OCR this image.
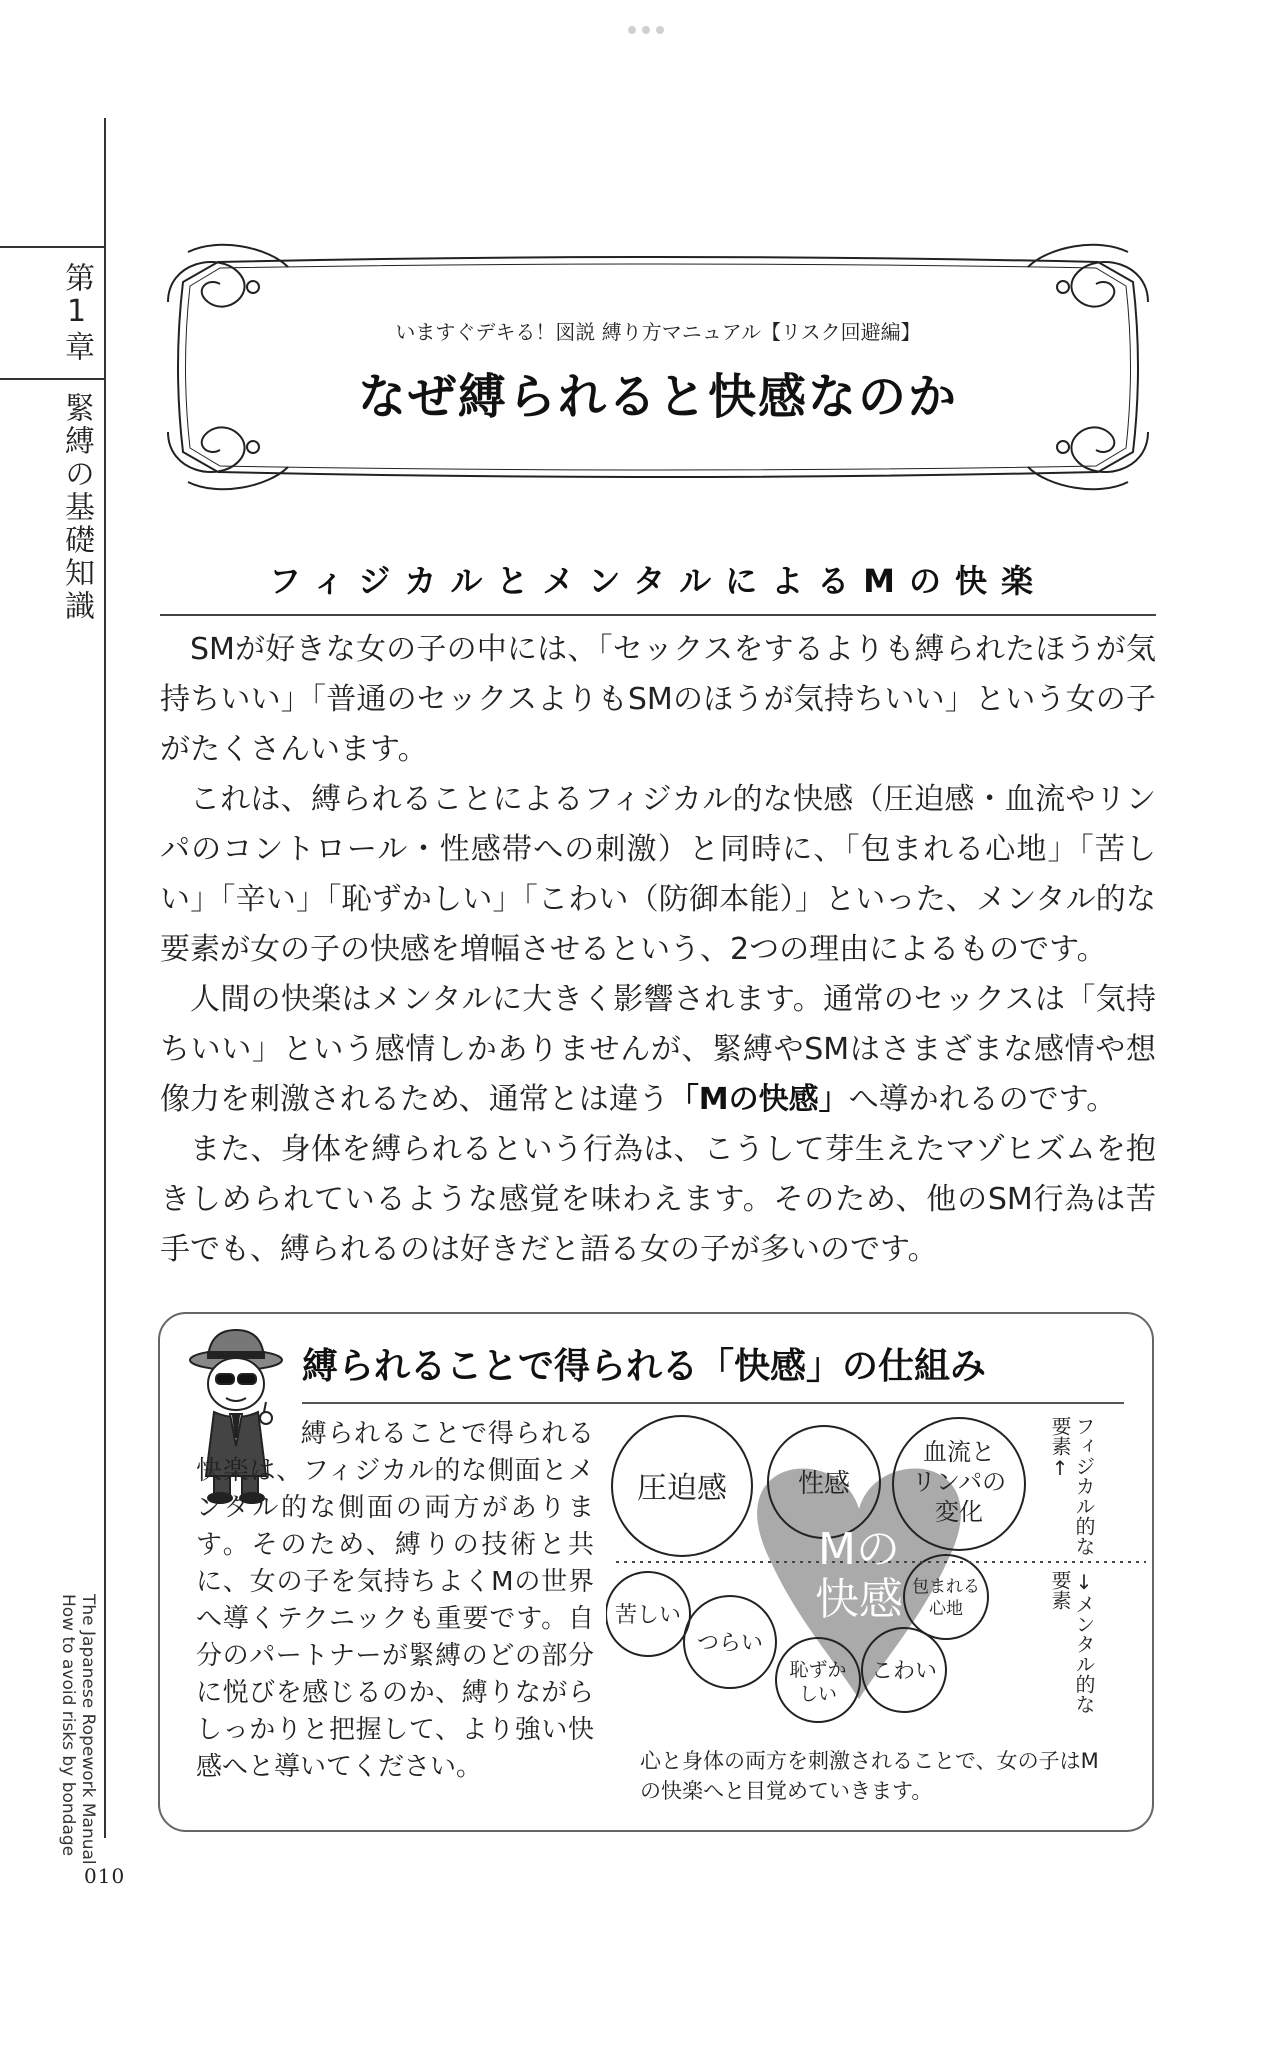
第1章
緊縛の基礎知識
The Japanese Ropework Manual
How to avoid risks by bondage
010
いますぐデキる！図説 縛り方マニュアル【リスク回避編】
なぜ縛られると快感なのか
フィジカルとメンタルによるMの快楽

SMが好きな女の子の中には、「セックスをするよりも縛られたほうが気持ちいい」「普通のセックスよりもSMのほうが気持ちいい」という女の子がたくさんいます。

これは、縛られることによるフィジカル的な快感（圧迫感・血流やリンパのコントロール・性感帯への刺激）と同時に、「包まれる心地」「苦しい」「辛い」「恥ずかしい」「こわい（防御本能）」といった、メンタル的な要素が女の子の快感を増幅させるという、2つの理由によるものです。

人間の快楽はメンタルに大きく影響されます。通常のセックスは「気持ちいい」という感情しかありませんが、緊縛やSMはさまざまな感情や想像力を刺激されるため、通常とは違う「Mの快感」へ導かれるのです。

また、身体を縛られるという行為は、こうして芽生えたマゾヒズムを抱きしめられているような感覚を味わえます。そのため、他のSM行為は苦手でも、縛られるのは好きだと語る女の子が多いのです。

縛られることで得られる「快感」の仕組み
縛られることで得られる快楽は、フィジカル的な側面とメンタル的な側面の両方があります。そのため、縛りの技術と共に、女の子を気持ちよくMの世界へ導くテクニックも重要です。自分のパートナーが緊縛のどの部分に悦びを感じるのか、縛りながらしっかりと把握して、より強い快感へと導いてください。
Mの
快感
圧迫感	性感
血流と
リンパの
変化
包まれる
心地
苦しい
つらい
恥ずか
しい
こわい
フィジカル的な要素↑
↓メンタル的な要素
心と身体の両方を刺激されることで、女の子はMの快楽へと目覚めていきます。
